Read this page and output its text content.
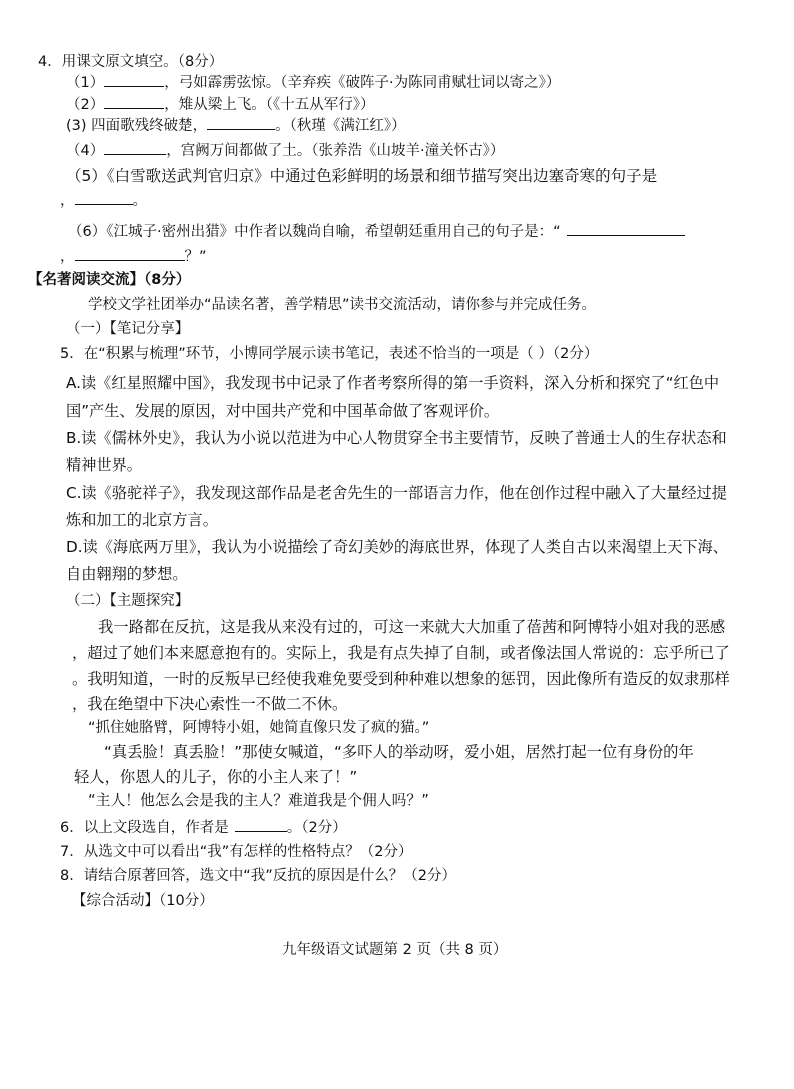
4．用课文原文填空。（8分）
（1）	，弓如霹雳弦惊。（辛弃疾《破阵子·为陈同甫赋壮词以寄之》）
（2）	，雉从梁上飞。（《十五从军行》）
(3) 四面歌残终破楚，	。（秋瑾《满江红》）
（4）	，宫阙万间都做了土。（张养浩《山坡羊·潼关怀古》）
（5）《白雪歌送武判官归京》中通过色彩鲜明的场景和细节描写突出边塞奇寒的句子是
，	。
（6）《江城子·密州出猎》中作者以魏尚自喻，希望朝廷重用自己的句子是：“
，	？”
【名著阅读交流】（8分）
学校文学社团举办“品读名著，善学精思”读书交流活动，请你参与并完成任务。
（一）【笔记分享】
5．在“积累与梳理”环节，小博同学展示读书笔记，表述不恰当的一项是（ ）（2分）
A.读《红星照耀中国》，我发现书中记录了作者考察所得的第一手资料，深入分析和探究了“红色中
国”产生、发展的原因，对中国共产党和中国革命做了客观评价。
B.读《儒林外史》，我认为小说以范进为中心人物贯穿全书主要情节，反映了普通士人的生存状态和
精神世界。
C.读《骆驼祥子》，我发现这部作品是老舍先生的一部语言力作，他在创作过程中融入了大量经过提
炼和加工的北京方言。
D.读《海底两万里》，我认为小说描绘了奇幻美妙的海底世界，体现了人类自古以来渴望上天下海、
自由翱翔的梦想。
（二）【主题探究】
我一路都在反抗，这是我从来没有过的，可这一来就大大加重了蓓茜和阿博特小姐对我的恶感
，超过了她们本来愿意抱有的。实际上，我是有点失掉了自制，或者像法国人常说的：忘乎所已了
。我明知道，一时的反叛早已经使我难免要受到种种难以想象的惩罚，因此像所有造反的奴隶那样
，我在绝望中下决心索性一不做二不休。
“抓住她胳臂，阿博特小姐，她简直像只发了疯的猫。”
“真丢脸！真丢脸！”那使女喊道，“多吓人的举动呀，爱小姐，居然打起一位有身份的年
轻人，你恩人的儿子，你的小主人来了！”
“主人！他怎么会是我的主人？难道我是个佣人吗？”
6．以上文段选自，作者是	。（2分）
7．从选文中可以看出“我”有怎样的性格特点？（2分）
8．请结合原著回答，选文中“我”反抗的原因是什么？（2分）
【综合活动】（10分）
九年级语文试题第 2 页（共 8 页）
